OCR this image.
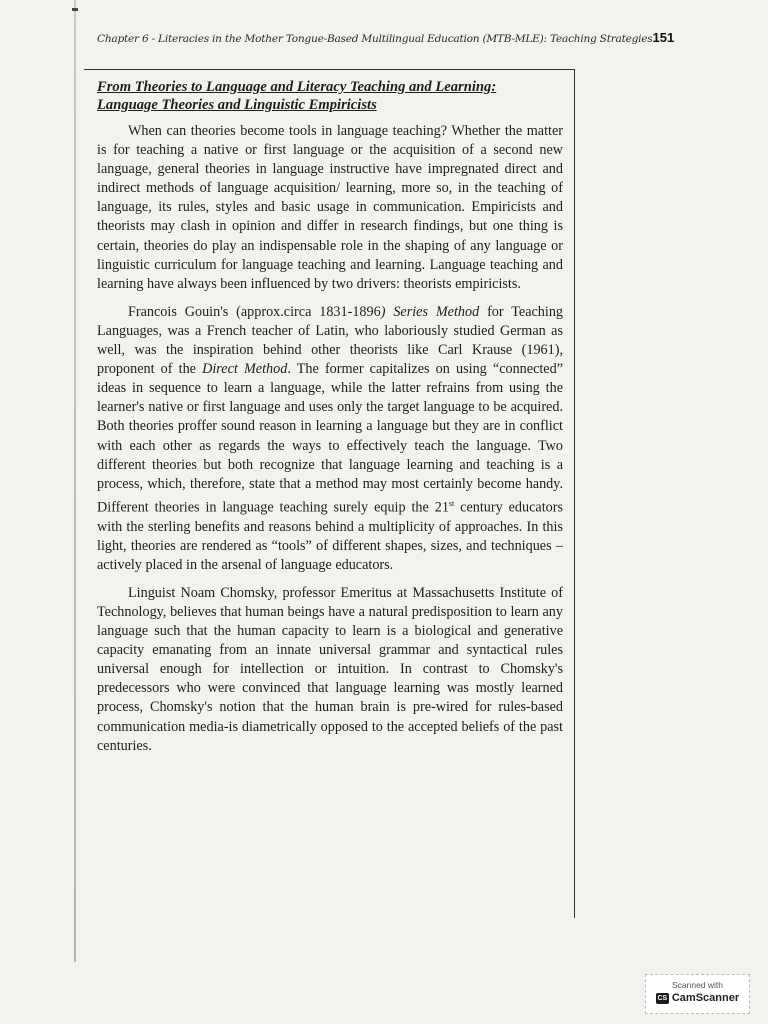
Chapter 6 - Literacies in the Mother Tongue-Based Multilingual Education (MTB-MLE): Teaching Strategies 151
From Theories to Language and Literacy Teaching and Learning:
Language Theories and Linguistic Empiricists

When can theories become tools in language teaching? Whether the matter is for teaching a native or first language or the acquisition of a second new language, general theories in language instructive have impregnated direct and indirect methods of language acquisition/ learning, more so, in the teaching of language, its rules, styles and basic usage in communication. Empiricists and theorists may clash in opinion and differ in research findings, but one thing is certain, theories do play an indispensable role in the shaping of any language or linguistic curriculum for language teaching and learning. Language teaching and learning have always been influenced by two drivers: theorists empiricists.

Francois Gouin's (approx.circa 1831-1896) Series Method for Teaching Languages, was a French teacher of Latin, who laboriously studied German as well, was the inspiration behind other theorists like Carl Krause (1961), proponent of the Direct Method. The former capitalizes on using “connected” ideas in sequence to learn a language, while the latter refrains from using the learner's native or first language and uses only the target language to be acquired. Both theories proffer sound reason in learning a language but they are in conflict with each other as regards the ways to effectively teach the language. Two different theories but both recognize that language learning and teaching is a process, which, therefore, state that a method may most certainly become handy. Different theories in language teaching surely equip the 21st century educators with the sterling benefits and reasons behind a multiplicity of approaches. In this light, theories are rendered as “tools” of different shapes, sizes, and techniques – actively placed in the arsenal of language educators.

Linguist Noam Chomsky, professor Emeritus at Massachusetts Institute of Technology, believes that human beings have a natural predisposition to learn any language such that the human capacity to learn is a biological and generative capacity emanating from an innate universal grammar and syntactical rules universal enough for intellection or intuition. In contrast to Chomsky's predecessors who were convinced that language learning was mostly learned process, Chomsky's notion that the human brain is pre-wired for rules-based communication media-is diametrically opposed to the accepted beliefs of the past centuries.

Scanned with
CS CamScanner
